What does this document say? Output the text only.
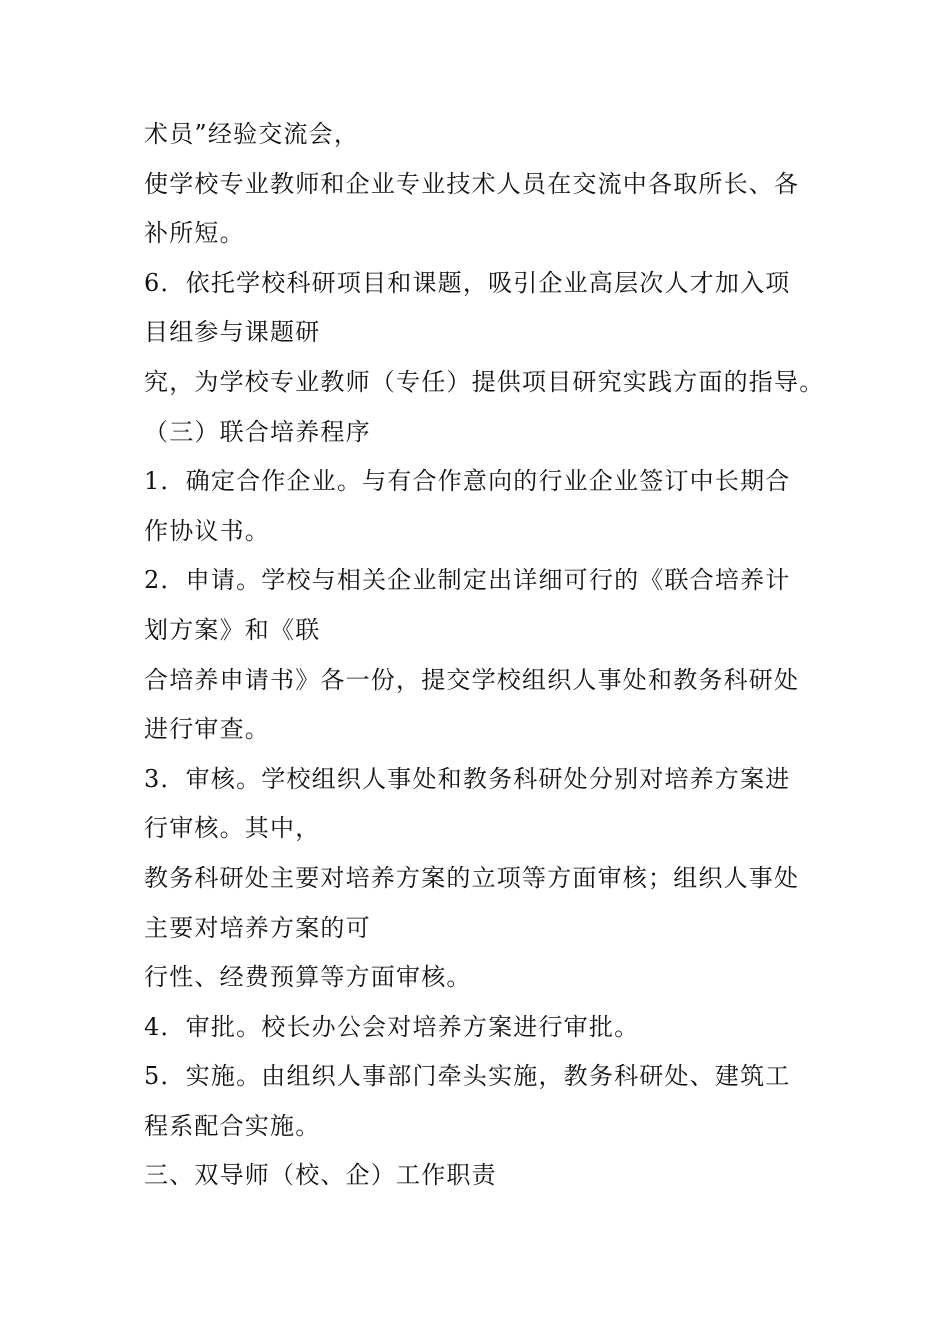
术员”经验交流会，
使学校专业教师和企业专业技术人员在交流中各取所长、各
补所短。
6．依托学校科研项目和课题，吸引企业高层次人才加入项
目组参与课题研
究，为学校专业教师（专任）提供项目研究实践方面的指导。
（三）联合培养程序
1．确定合作企业。与有合作意向的行业企业签订中长期合
作协议书。
2．申请。学校与相关企业制定出详细可行的《联合培养计
划方案》和《联
合培养申请书》各一份，提交学校组织人事处和教务科研处
进行审查。
3．审核。学校组织人事处和教务科研处分别对培养方案进
行审核。其中，
教务科研处主要对培养方案的立项等方面审核；组织人事处
主要对培养方案的可
行性、经费预算等方面审核。
4．审批。校长办公会对培养方案进行审批。
5．实施。由组织人事部门牵头实施，教务科研处、建筑工
程系配合实施。
三、双导师（校、企）工作职责
